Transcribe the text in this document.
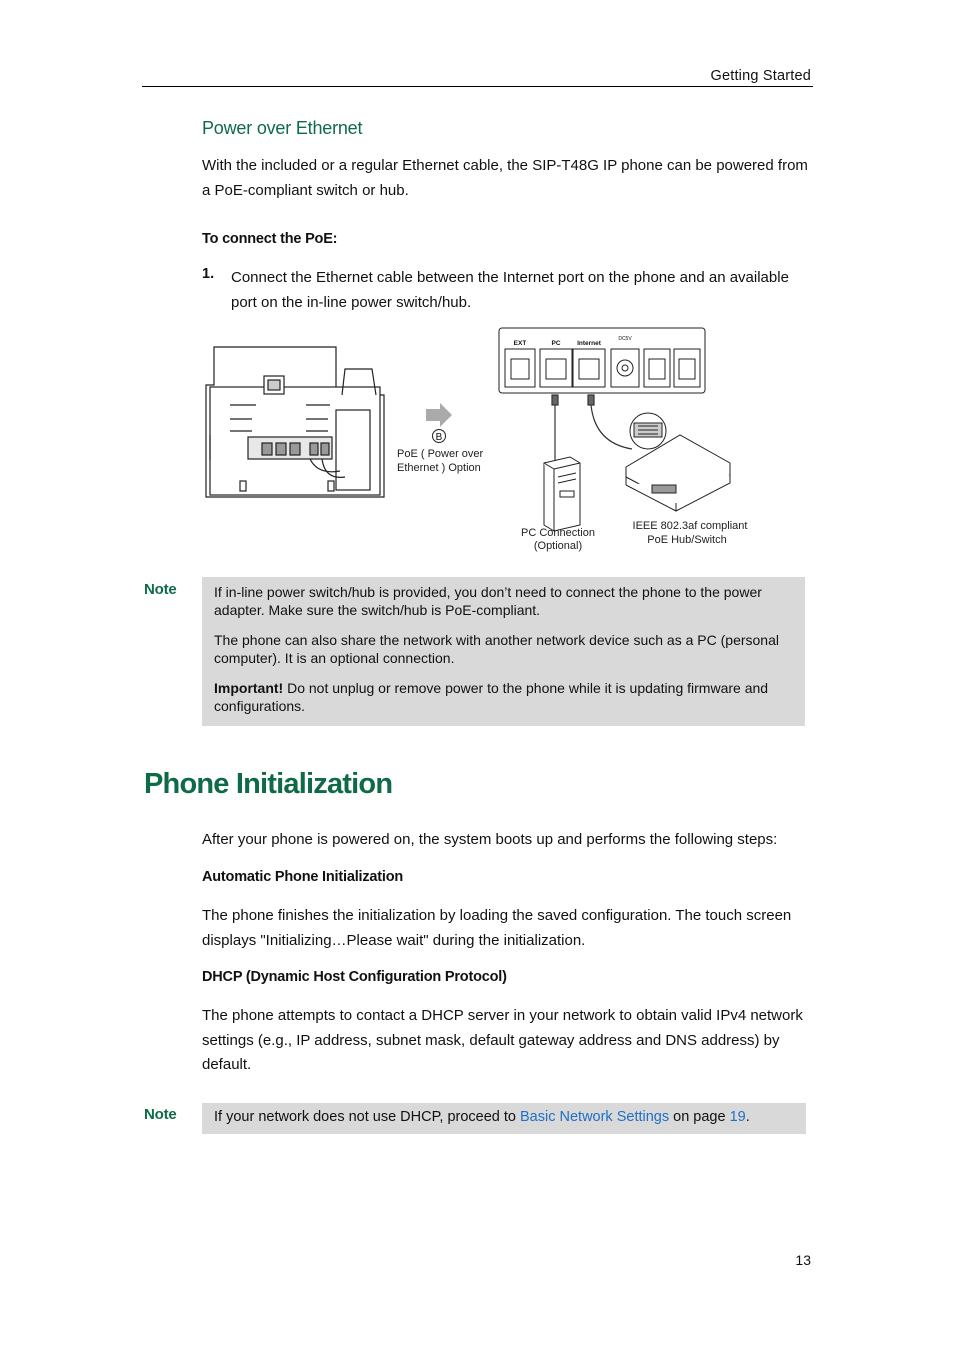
Getting Started
Power over Ethernet
With the included or a regular Ethernet cable, the SIP-T48G IP phone can be powered from a PoE-compliant switch or hub.
To connect the PoE:
1. Connect the Ethernet cable between the Internet port on the phone and an available port on the in-line power switch/hub.
B
PoE ( Power over
Ethernet ) Option
EXT	PC	Internet
DC5V
PC Connection
(Optional)
IEEE 802.3af compliant
PoE Hub/Switch
Note	If in-line power switch/hub is provided, you don’t need to connect the phone to the power adapter. Make sure the switch/hub is PoE-compliant.

The phone can also share the network with another network device such as a PC (personal computer). It is an optional connection.

Important! Do not unplug or remove power to the phone while it is updating firmware and configurations.

Phone Initialization
After your phone is powered on, the system boots up and performs the following steps:
Automatic Phone Initialization
The phone finishes the initialization by loading the saved configuration. The touch screen displays "Initializing…Please wait" during the initialization.
DHCP (Dynamic Host Configuration Protocol)
The phone attempts to contact a DHCP server in your network to obtain valid IPv4 network settings (e.g., IP address, subnet mask, default gateway address and DNS address) by default.
Note	If your network does not use DHCP, proceed to Basic Network Settings on page 19.
13
